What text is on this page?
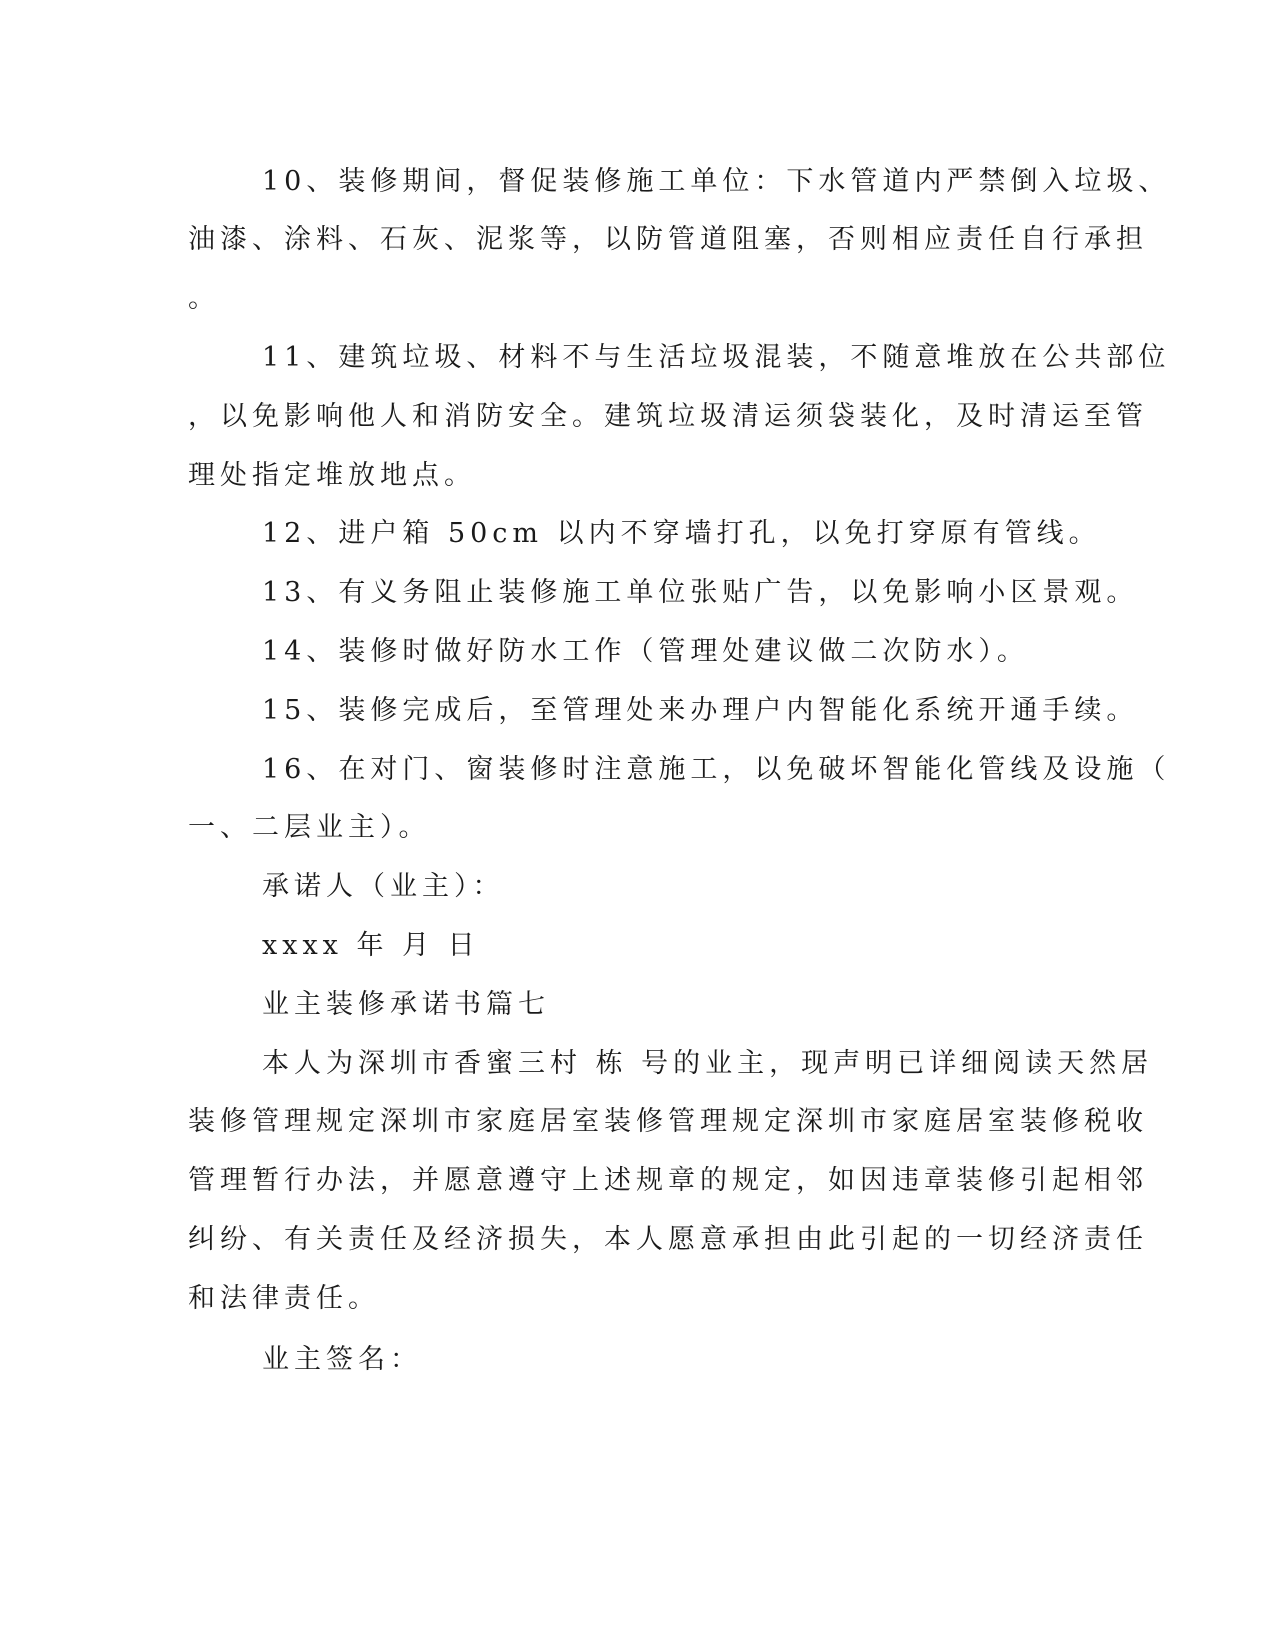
10、装修期间，督促装修施工单位：下水管道内严禁倒入垃圾、
油漆、涂料、石灰、泥浆等，以防管道阻塞，否则相应责任自行承担
。
11、建筑垃圾、材料不与生活垃圾混装，不随意堆放在公共部位
，以免影响他人和消防安全。建筑垃圾清运须袋装化，及时清运至管
理处指定堆放地点。
12、进户箱 50cm 以内不穿墙打孔，以免打穿原有管线。
13、有义务阻止装修施工单位张贴广告，以免影响小区景观。
14、装修时做好防水工作（管理处建议做二次防水）。
15、装修完成后，至管理处来办理户内智能化系统开通手续。
16、在对门、窗装修时注意施工，以免破坏智能化管线及设施（
一、二层业主）。
承诺人（业主）：
xxxx 年 月 日
业主装修承诺书篇七
本人为深圳市香蜜三村 栋 号的业主，现声明已详细阅读天然居
装修管理规定深圳市家庭居室装修管理规定深圳市家庭居室装修税收
管理暂行办法，并愿意遵守上述规章的规定，如因违章装修引起相邻
纠纷、有关责任及经济损失，本人愿意承担由此引起的一切经济责任
和法律责任。
业主签名：
